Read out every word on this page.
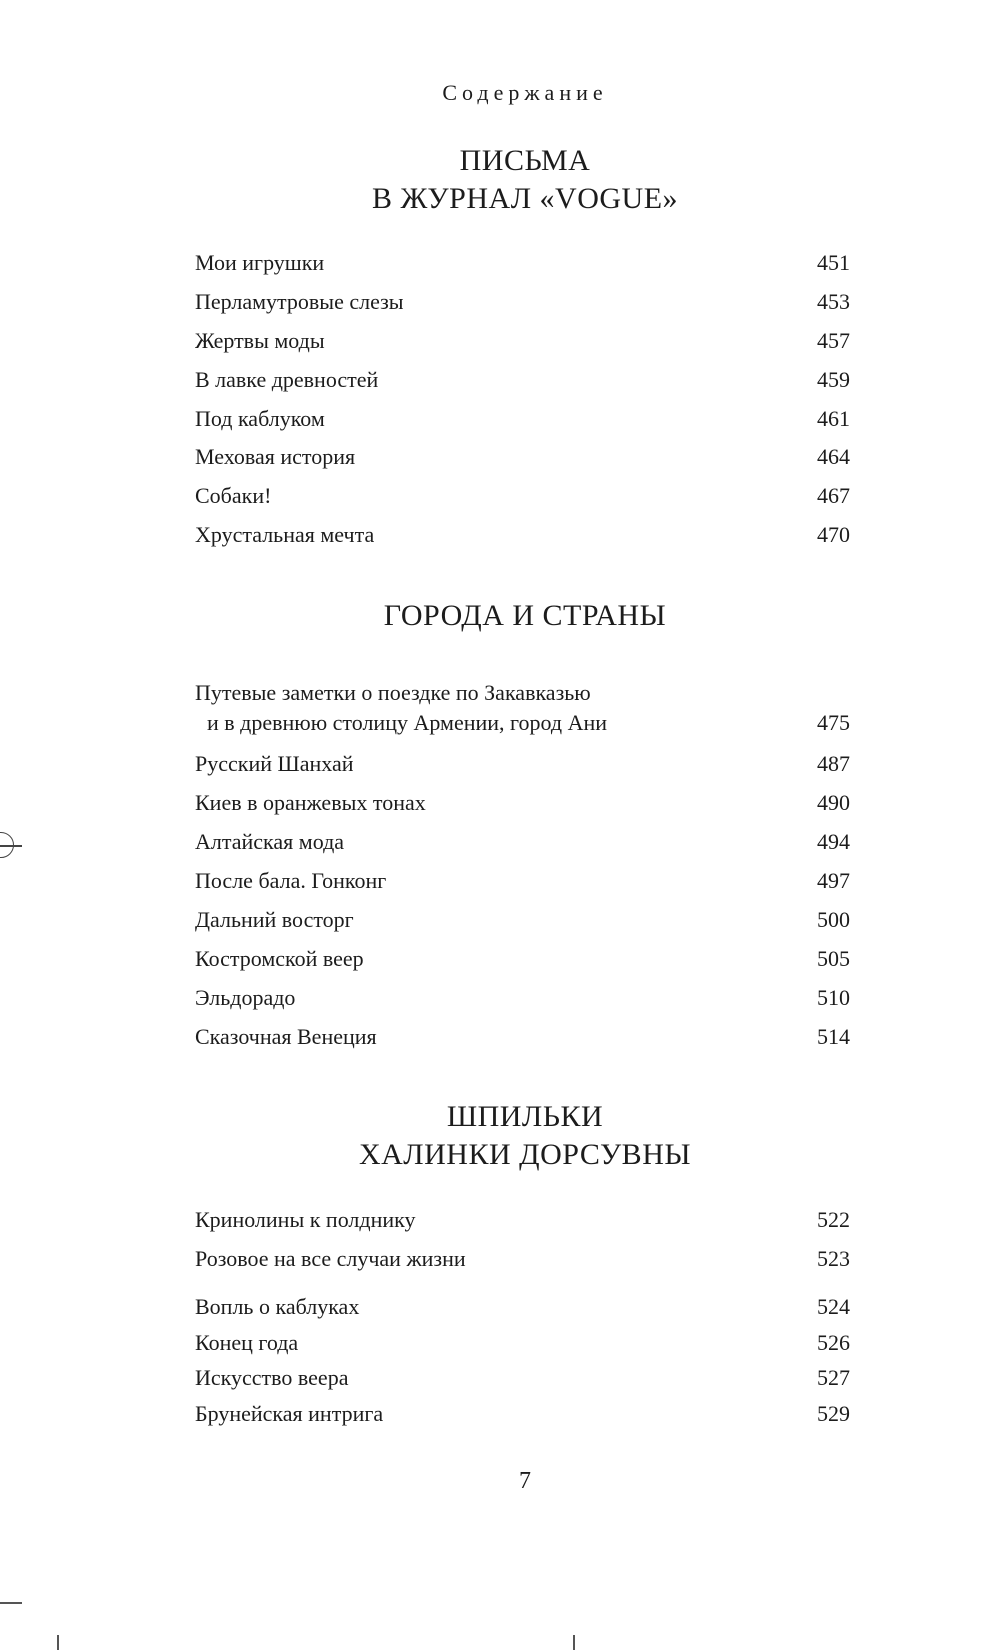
Содержание
ПИСЬМА
В ЖУРНАЛ «VOGUE»
Мои игрушки	451
Перламутровые слезы	453
Жертвы моды	457
В лавке древностей	459
Под каблуком	461
Меховая история	464
Собаки!	467
Хрустальная мечта	470
ГОРОДА И СТРАНЫ
Путевые заметки о поездке по Закавказью
и в древнюю столицу Армении, город Ани	475
Русский Шанхай	487
Киев в оранжевых тонах	490
Алтайская мода	494
После бала. Гонконг	497
Дальний восторг	500
Костромской веер	505
Эльдорадо	510
Сказочная Венеция	514
ШПИЛЬКИ
ХАЛИНКИ ДОРСУВНЫ
Кринолины к полднику	522
Розовое на все случаи жизни	523
Вопль о каблуках	524
Конец года	526
Искусство веера	527
Брунейская интрига	529
7
